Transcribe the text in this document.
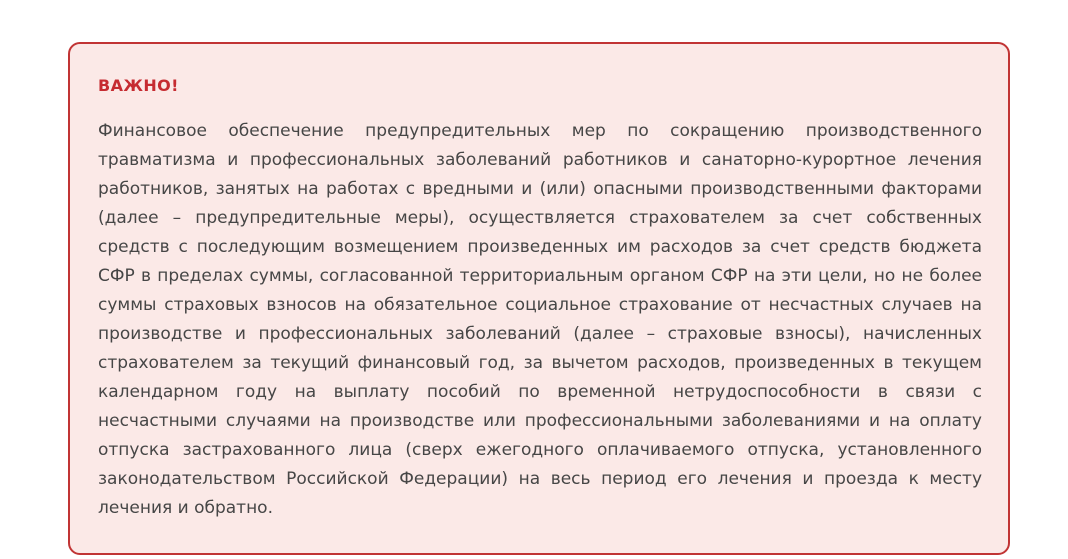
ВАЖНО!

Финансовое обеспечение предупредительных мер по сокращению производственного травматизма и профессиональных заболеваний работников и санаторно-курортное лечения работников, занятых на работах с вредными и (или) опасными производственными факторами (далее – предупредительные меры), осуществляется страхователем за счет собственных средств с последующим возмещением произведенных им расходов за счет средств бюджета СФР в пределах суммы, согласованной территориальным органом СФР на эти цели, но не более суммы страховых взносов на обязательное социальное страхование от несчастных случаев на производстве и профессиональных заболеваний (далее – страховые взносы), начисленных страхователем за текущий финансовый год, за вычетом расходов, произведенных в текущем календарном году на выплату пособий по временной нетрудоспособности в связи с несчастными случаями на производстве или профессиональными заболеваниями и на оплату отпуска застрахованного лица (сверх ежегодного оплачиваемого отпуска, установленного законодательством Российской Федерации) на весь период его лечения и проезда к месту лечения и обратно.
